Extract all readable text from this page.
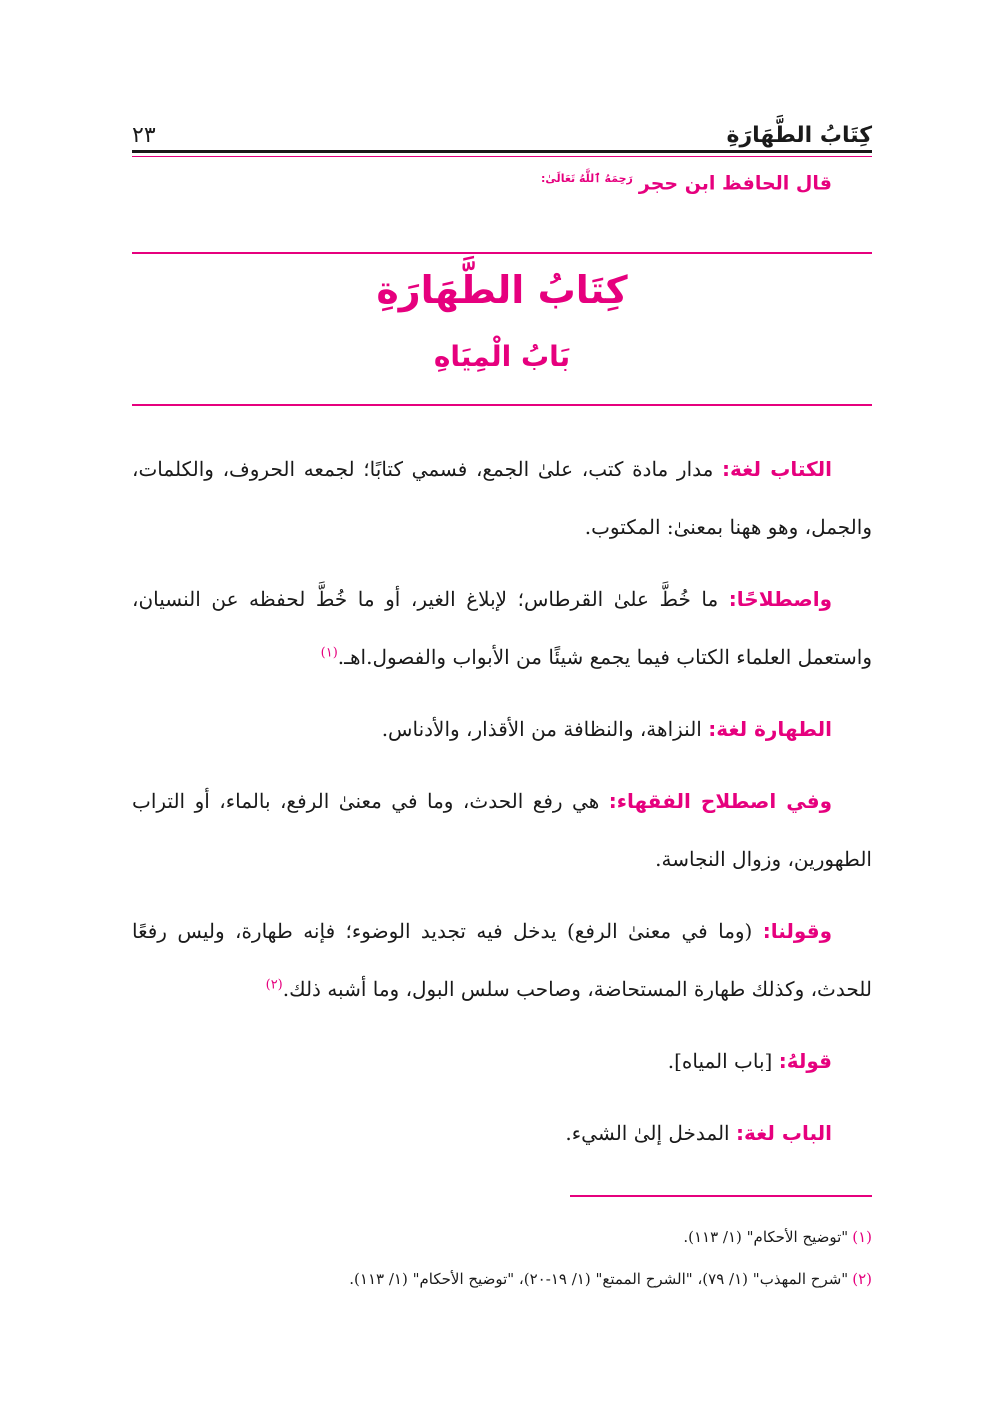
كِتَابُ الطَّهَارَةِ
٢٣
قال الحافظ ابن حجر$^{رَحِمَهُ ٱللَّهُ تَعَالَىٰ:}$
كِتَابُ الطَّهَارَةِ
بَابُ الْمِيَاهِ

الكتاب لغة: مدار مادة كتب، علىٰ الجمع، فسمي كتابًا؛ لجمعه الحروف، والكلمات، والجمل، وهو ههنا بمعنىٰ: المكتوب.

واصطلاحًا: ما خُطَّ علىٰ القرطاس؛ لإبلاغ الغير، أو ما خُطَّ لحفظه عن النسيان، واستعمل العلماء الكتاب فيما يجمع شيئًا من الأبواب والفصول.اهـ.$^{(١)}$

الطهارة لغة: النزاهة، والنظافة من الأقذار، والأدناس.

وفي اصطلاح الفقهاء: هي رفع الحدث، وما في معنىٰ الرفع، بالماء، أو التراب الطهورين، وزوال النجاسة.

وقولنا: (وما في معنىٰ الرفع) يدخل فيه تجديد الوضوء؛ فإنه طهارة، وليس رفعًا للحدث، وكذلك طهارة المستحاضة، وصاحب سلس البول، وما أشبه ذلك.$^{(٢)}$

قولهُ: [باب المياه].

الباب لغة: المدخل إلىٰ الشيء.

(١)"توضيح الأحكام" (١/ ١١٣).

(٢)"شرح المهذب" (١/ ٧٩)، "الشرح الممتع" (١/ ١٩-٢٠)، "توضيح الأحكام" (١/ ١١٣).
